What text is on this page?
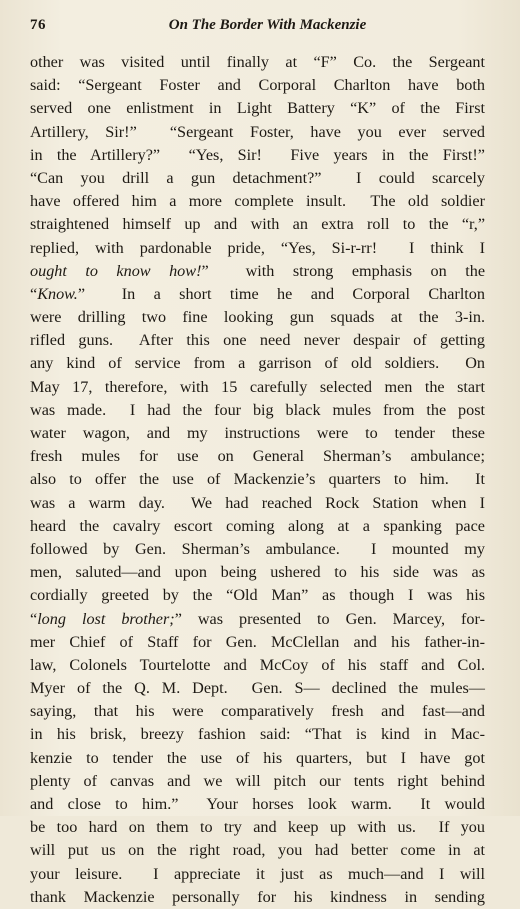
76	On The Border With Mackenzie
other was visited until finally at “F” Co. the Sergeant
said: “Sergeant Foster and Corporal Charlton have both
served one enlistment in Light Battery “K” of the First
Artillery, Sir!”  “Sergeant Foster, have you ever served
in the Artillery?”  “Yes, Sir!  Five years in the First!”
“Can you drill a gun detachment?”  I could scarcely
have offered him a more complete insult.  The old soldier
straightened himself up and with an extra roll to the “r,”
replied, with pardonable pride, “Yes, Si-r-rr!  I think I
ought to know how!”  with strong emphasis on the
“Know.”  In a short time he and Corporal Charlton
were drilling two fine looking gun squads at the 3-in.
rifled guns.  After this one need never despair of getting
any kind of service from a garrison of old soldiers.  On
May 17, therefore, with 15 carefully selected men the start
was made.  I had the four big black mules from the post
water wagon, and my instructions were to tender these
fresh mules for use on General Sherman’s ambulance;
also to offer the use of Mackenzie’s quarters to him.  It
was a warm day.  We had reached Rock Station when I
heard the cavalry escort coming along at a spanking pace
followed by Gen. Sherman’s ambulance.  I mounted my
men, saluted—and upon being ushered to his side was as
cordially greeted by the “Old Man” as though I was his
“long lost brother;” was presented to Gen. Marcey, for-
mer Chief of Staff for Gen. McClellan and his father-in-
law, Colonels Tourtelotte and McCoy of his staff and Col.
Myer of the Q. M. Dept.  Gen. S— declined the mules—
saying, that his were comparatively fresh and fast—and
in his brisk, breezy fashion said: “That is kind in Mac-
kenzie to tender the use of his quarters, but I have got
plenty of canvas and we will pitch our tents right behind
and close to him.”  Your horses look warm.  It would
be too hard on them to try and keep up with us.  If you
will put us on the right road, you had better come in at
your leisure.  I appreciate it just as much—and I will
thank Mackenzie personally for his kindness in sending
